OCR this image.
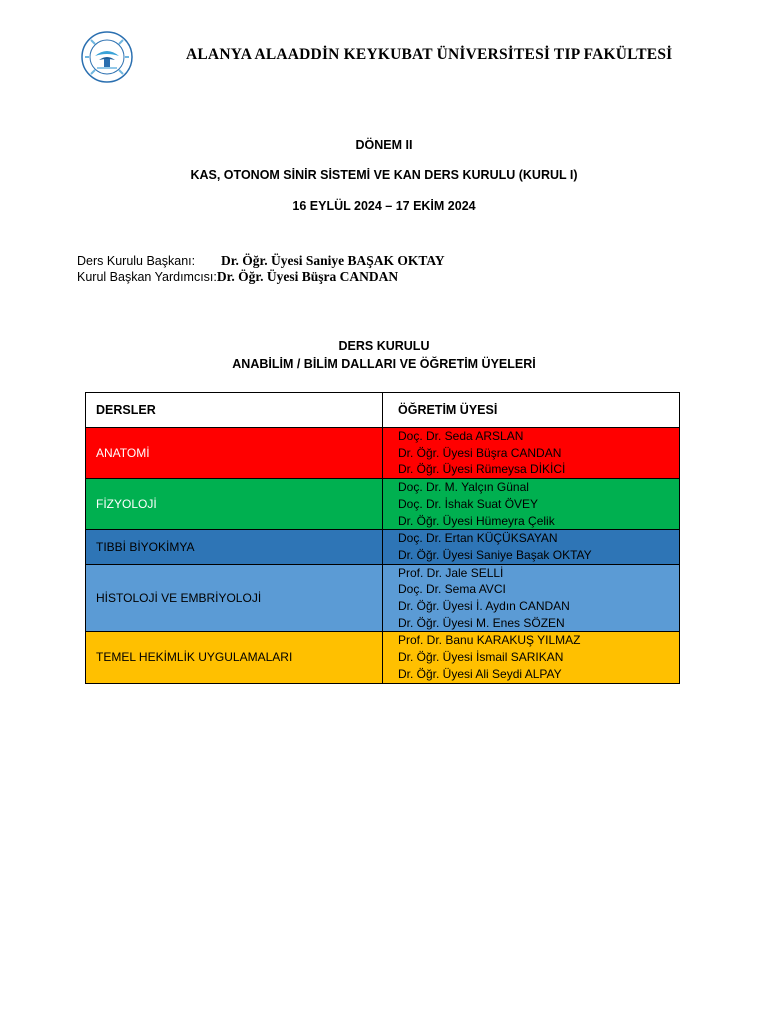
ALANYA ALAADDİN KEYKUBAT ÜNİVERSİTESİ TIP FAKÜLTESİ
DÖNEM II
KAS, OTONOM SİNİR SİSTEMİ VE KAN DERS KURULU (KURUL I)
16 EYLÜL 2024 – 17 EKİM 2024
Ders Kurulu Başkanı: Dr. Öğr. Üyesi Saniye BAŞAK OKTAY
Kurul Başkan Yardımcısı:Dr. Öğr. Üyesi Büşra CANDAN
DERS KURULU
ANABİLİM / BİLİM DALLARI VE ÖĞRETİM ÜYELERİ
DERSLER	ÖĞRETİM ÜYESİ
ANATOMİ	Doç. Dr. Seda ARSLAN
Dr. Öğr. Üyesi Büşra CANDAN
Dr. Öğr. Üyesi Rümeysa DİKİCİ

FİZYOLOJİ	Doç. Dr. M. Yalçın Günal
Doç. Dr. İshak Suat ÖVEY
Dr. Öğr. Üyesi Hümeyra Çelik

TIBBİ BİYOKİMYA	Doç. Dr. Ertan KÜÇÜKSAYAN
Dr. Öğr. Üyesi Saniye Başak OKTAY

HİSTOLOJİ VE EMBRİYOLOJİ	Prof. Dr. Jale SELLİ
Doç. Dr. Sema AVCI
Dr. Öğr. Üyesi İ. Aydın CANDAN
Dr. Öğr. Üyesi M. Enes SÖZEN

TEMEL HEKİMLİK UYGULAMALARI	Prof. Dr. Banu KARAKUŞ YILMAZ
Dr. Öğr. Üyesi İsmail SARIKAN
Dr. Öğr. Üyesi Ali Seydi ALPAY
